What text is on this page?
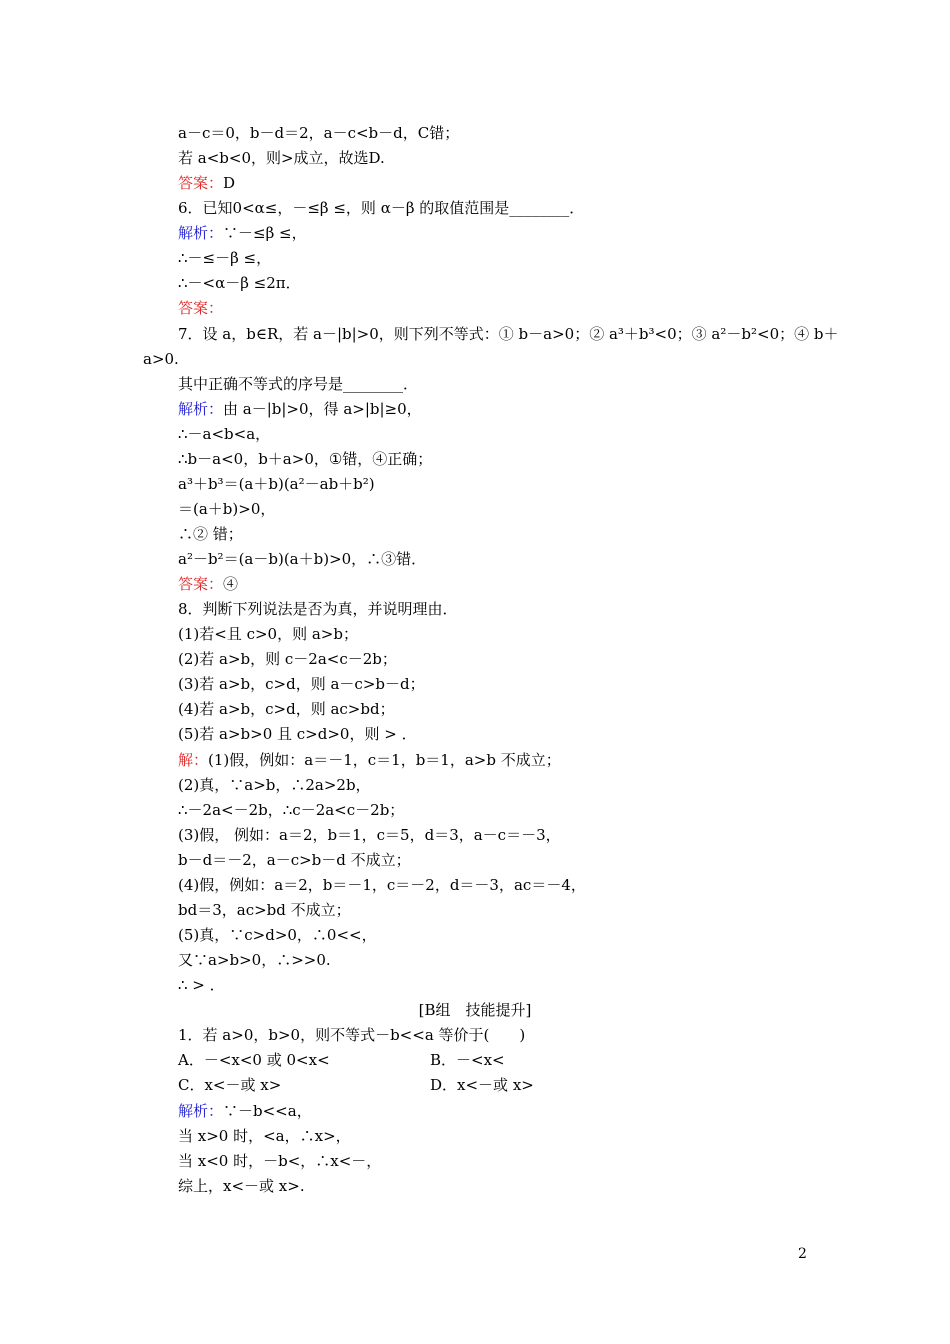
a－c＝0，b－d＝2，a－c<b－d，C错；
若 a<b<0，则>成立，故选D.
答案：D
6．已知0<α≤，－≤β ≤，则 α－β 的取值范围是________．
解析：∵－≤β ≤，
∴－≤－β ≤，
∴－<α－β ≤2π．
答案：
7．设 a，b∈R，若 a－|b|>0，则下列不等式：① b－a>0；② a³＋b³<0；③ a²－b²<0；④ b＋
a>0.
其中正确不等式的序号是________．
解析：由 a－|b|>0，得 a>|b|≥0，
∴－a<b<a，
∴b－a<0，b＋a>0，①错，④正确；
a³＋b³＝(a＋b)(a²－ab＋b²)
＝(a＋b)>0，
∴② 错；
a²－b²＝(a－b)(a＋b)>0，∴③错．
答案：④
8．判断下列说法是否为真，并说明理由．
(1)若<且 c>0，则 a>b；
(2)若 a>b，则 c－2a<c－2b；
(3)若 a>b，c>d，则 a－c>b－d；
(4)若 a>b，c>d，则 ac>bd；
(5)若 a>b>0 且 c>d>0，则 > ．
解：(1)假，例如：a＝－1，c＝1，b＝1，a>b 不成立；
(2)真，∵a>b，∴2a>2b，
∴－2a<－2b，∴c－2a<c－2b；
(3)假， 例如：a＝2，b＝1，c＝5，d＝3，a－c＝－3，
b－d＝－2，a－c>b－d 不成立；
(4)假，例如：a＝2，b＝－1，c＝－2，d＝－3，ac＝－4，
bd＝3，ac>bd 不成立；
(5)真，∵c>d>0，∴0<<，
又∵a>b>0，∴>>0.
∴ > ．
[B组　技能提升]
1．若 a>0，b>0，则不等式－b<<a 等价于(　　)
A．－<x<0 或 0<x<	B．－<x<
C．x<－或 x>	D．x<－或 x>
解析：∵－b<<a，
当 x>0 时，<a，∴x>，
当 x<0 时，－b<，∴x<－，
综上，x<－或 x>.
2
